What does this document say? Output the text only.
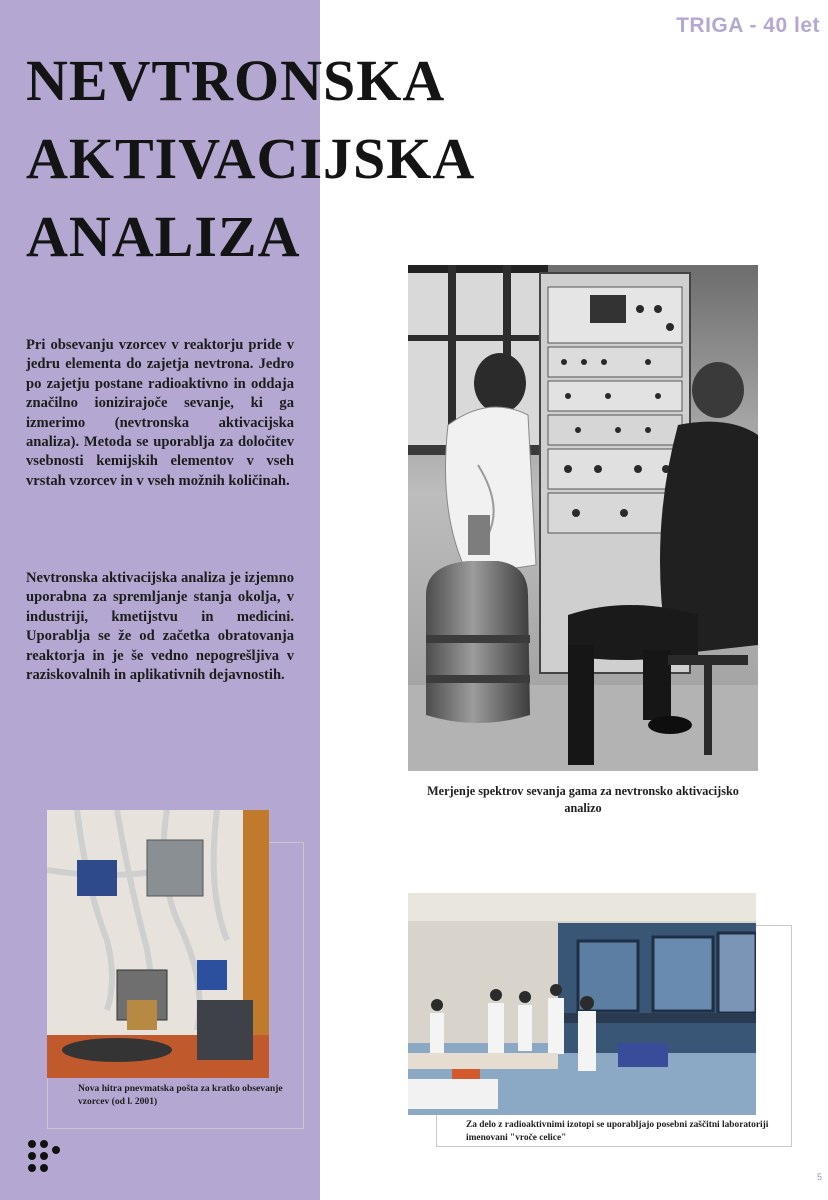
TRIGA - 40 let
NEVTRONSKA
AKTIVACIJSKA
ANALIZA

Pri obsevanju vzorcev v reaktorju pride v jedru elementa do zajetja nevtrona. Jedro po zajetju postane radioaktivno in oddaja značilno ionizirajoče sevanje, ki ga izmerimo (nevtronska aktivacijska analiza). Metoda se uporablja za določitev vsebnosti kemijskih elementov v vseh vrstah vzorcev in v vseh možnih količinah.

Nevtronska aktivacijska analiza je izjemno uporabna za spremljanje stanja okolja, v industriji, kmetijstvu in medicini. Uporablja se že od začetka obratovanja reaktorja in je še vedno nepogrešljiva v raziskovalnih in aplikativnih dejavnostih.

Merjenje spektrov sevanja gama za nevtronsko aktivacijsko analizo

Nova hitra pnevmatska pošta za kratko obsevanje vzorcev (od l. 2001)

Za delo z radioaktivnimi izotopi se uporabljajo posebni zaščitni laboratoriji imenovani "vroče celice"

5
